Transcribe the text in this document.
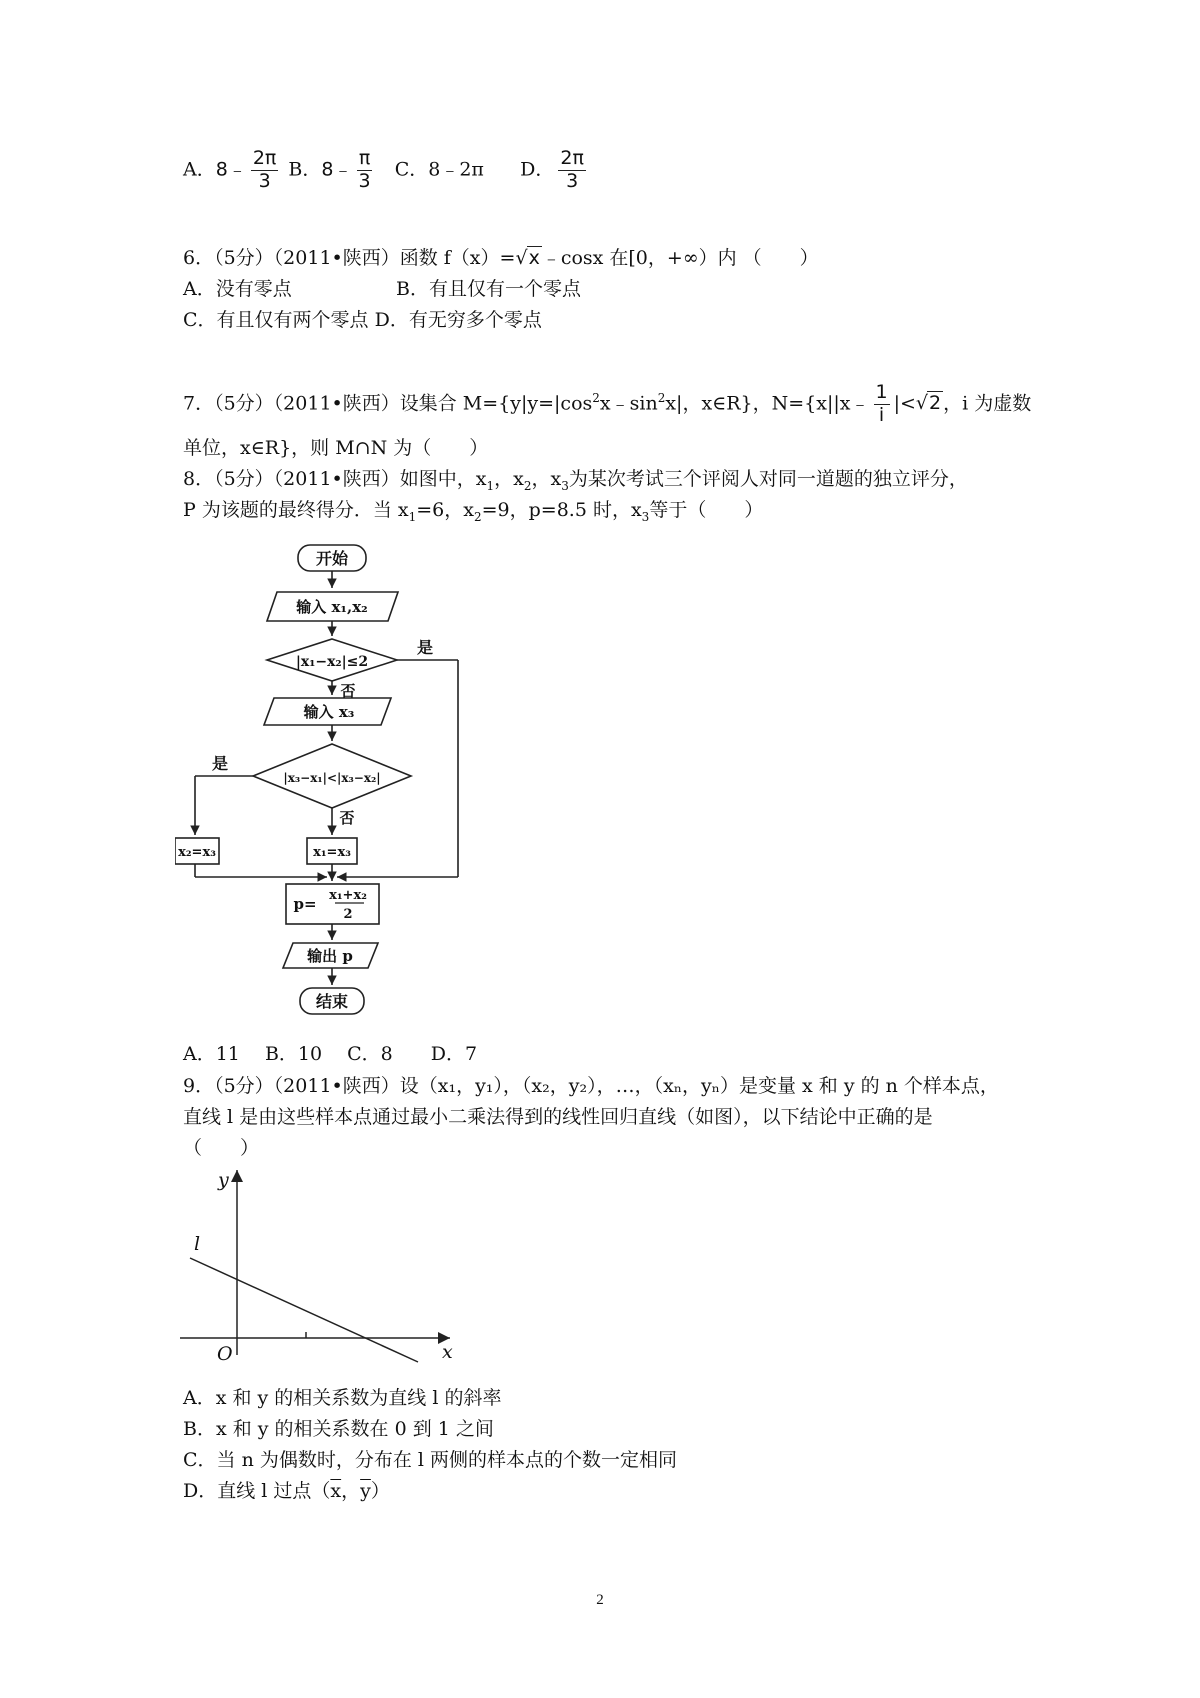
A．8﹣ $\frac{2\pi}{3}$ B．8﹣ $\frac{\pi}{3}$ C．8﹣2π D． $\frac{2\pi}{3}$
6．（5分）（2011•陕西）函数 f（x）=√x ﹣cosx 在[0，+∞）内 （　　）
A．没有零点	B．有且仅有一个零点
C．有且仅有两个零点 D．有无穷多个零点
7．（5分）（2011•陕西）设集合 $M=\{y|y=|\cos^2x﹣\sin^2x|$，x∈R}，N={x||x﹣ $\frac{1}{i} |<√2$ ，i 为虚数
单位，x∈R}，则 M∩N 为（　　）
8．（5分）（2011•陕西）如图中，$x_1$，$x_2$，$x_3$为某次考试三个评阅人对同一道题的独立评分，
P 为该题的最终得分．当 $x_1=6$，$x_2=9$，p=8.5 时，$x_3$等于（　　）
开始
输入 x₁,x₂
|x₁−x₂|≤2
是
否
输入 x₃
|x₃−x₁|<|x₃−x₂|
是
否
x₂=x₃	x₁=x₃
p= x₁+x₂
2
输出 p
结束
A．11　 B．10　 C．8　　D．7
9．（5分）（2011•陕西）设（x₁，y₁），（x₂，y₂），…，（xₙ，yₙ）是变量 x 和 y 的 n 个样本点，
直线 l 是由这些样本点通过最小二乘法得到的线性回归直线（如图），以下结论中正确的是
（　　）
y
x
O
l
A．x 和 y 的相关系数为直线 l 的斜率
B．x 和 y 的相关系数在 0 到 1 之间
C．当 n 为偶数时，分布在 l 两侧的样本点的个数一定相同
D．直线 l 过点（$\overline{x}$，$\overline{y}$）
2
